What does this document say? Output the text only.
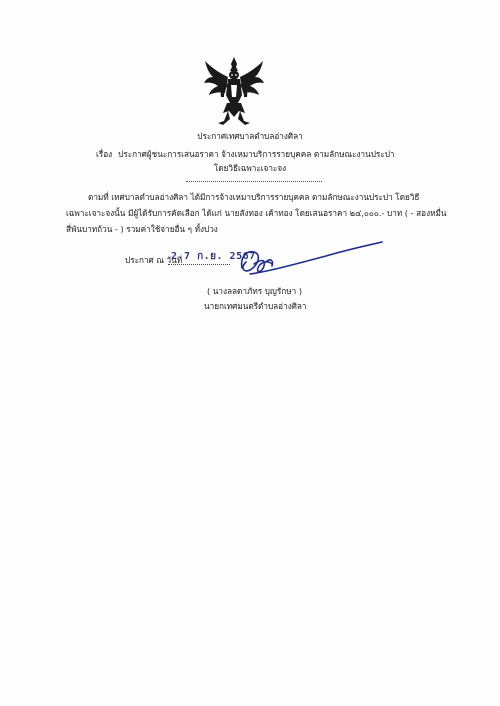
ประกาศเทศบาลตำบลอ่างศิลา
เรื่อง ประกาศผู้ชนะการเสนอราคา จ้างเหมาบริการรายบุคคล ตามลักษณะงานประปา
โดยวิธีเฉพาะเจาะจง
ตามที่ เทศบาลตำบลอ่างศิลา ได้มีการจ้างเหมาบริการรายบุคคล ตามลักษณะงานประปา โดยวิธี
เฉพาะเจาะจงนั้น มีผู้ได้รับการคัดเลือก ได้แก่ นายสังทอง เค้าทอง โดยเสนอราคา ๒๔,๐๐๐.- บาท ( - สองหมื่น
สี่พันบาทถ้วน - ) รวมค่าใช้จ่ายอื่น ๆ ทั้งปวง
ประกาศ ณ วันที่
2 7 ก.ย. 2567
( นางลลดาภัทร บุญรักษา )
นายกเทศมนตรีตำบลอ่างศิลา
